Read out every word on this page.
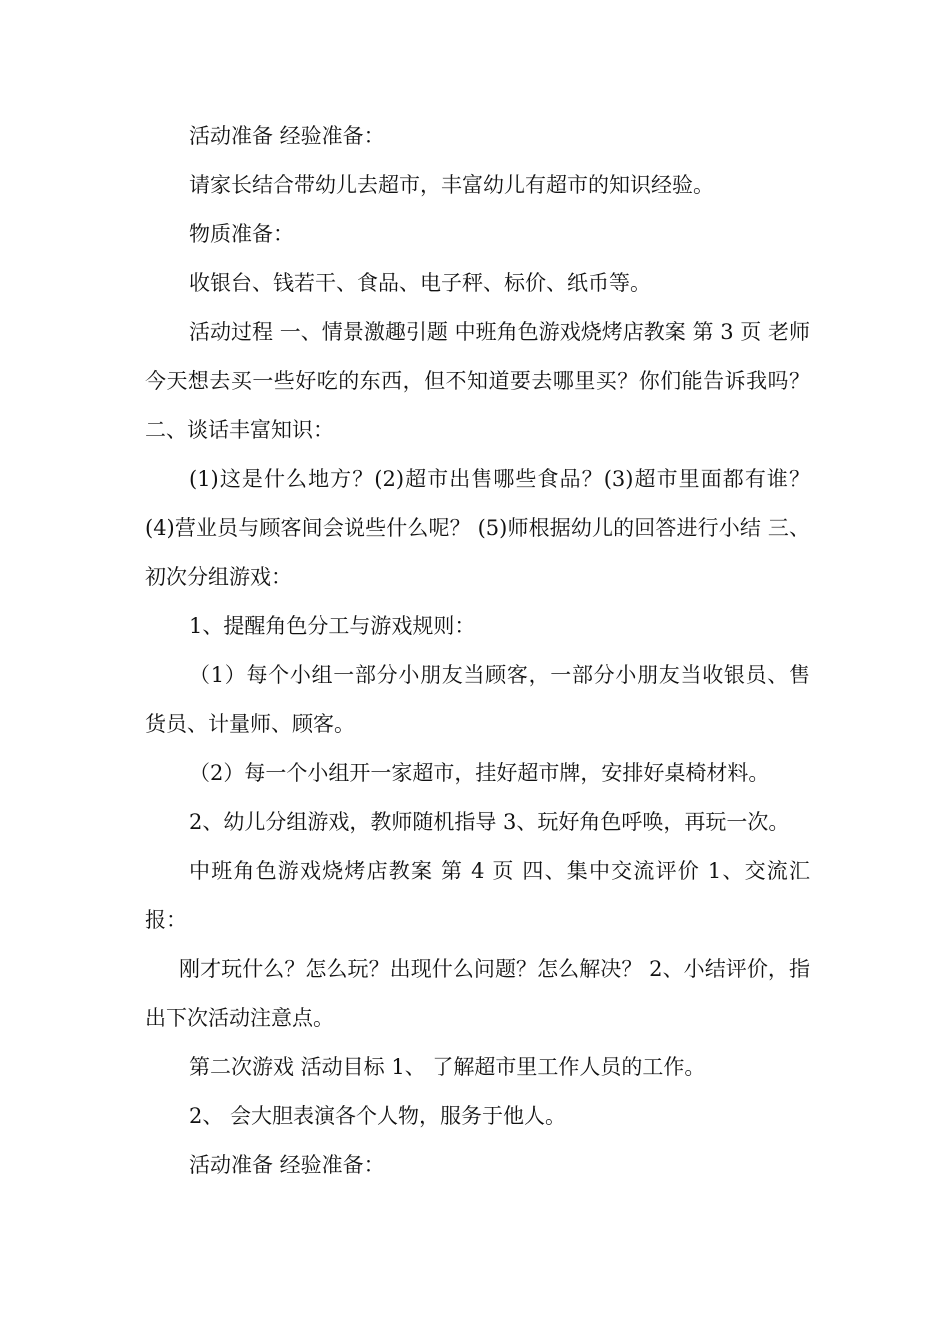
活动准备 经验准备：

请家长结合带幼儿去超市，丰富幼儿有超市的知识经验。

物质准备：

收银台、钱若干、食品、电子秤、标价、纸币等。

活动过程 一、情景激趣引题 中班角色游戏烧烤店教案 第 3 页 老师今天想去买一些好吃的东西，但不知道要去哪里买？你们能告诉我吗？ 二、谈话丰富知识：

(1)这是什么地方？(2)超市出售哪些食品？(3)超市里面都有谁？ (4)营业员与顾客间会说些什么呢？ (5)师根据幼儿的回答进行小结 三、初次分组游戏：

1、提醒角色分工与游戏规则：

（1）每个小组一部分小朋友当顾客，一部分小朋友当收银员、售货员、计量师、顾客。

（2）每一个小组开一家超市，挂好超市牌，安排好桌椅材料。

2、幼儿分组游戏，教师随机指导 3、玩好角色呼唤，再玩一次。

中班角色游戏烧烤店教案 第 4 页 四、集中交流评价 1、交流汇报：

刚才玩什么？怎么玩？出现什么问题？怎么解决？ 2、小结评价，指出下次活动注意点。

第二次游戏 活动目标 1、 了解超市里工作人员的工作。

2、 会大胆表演各个人物，服务于他人。

活动准备 经验准备：
